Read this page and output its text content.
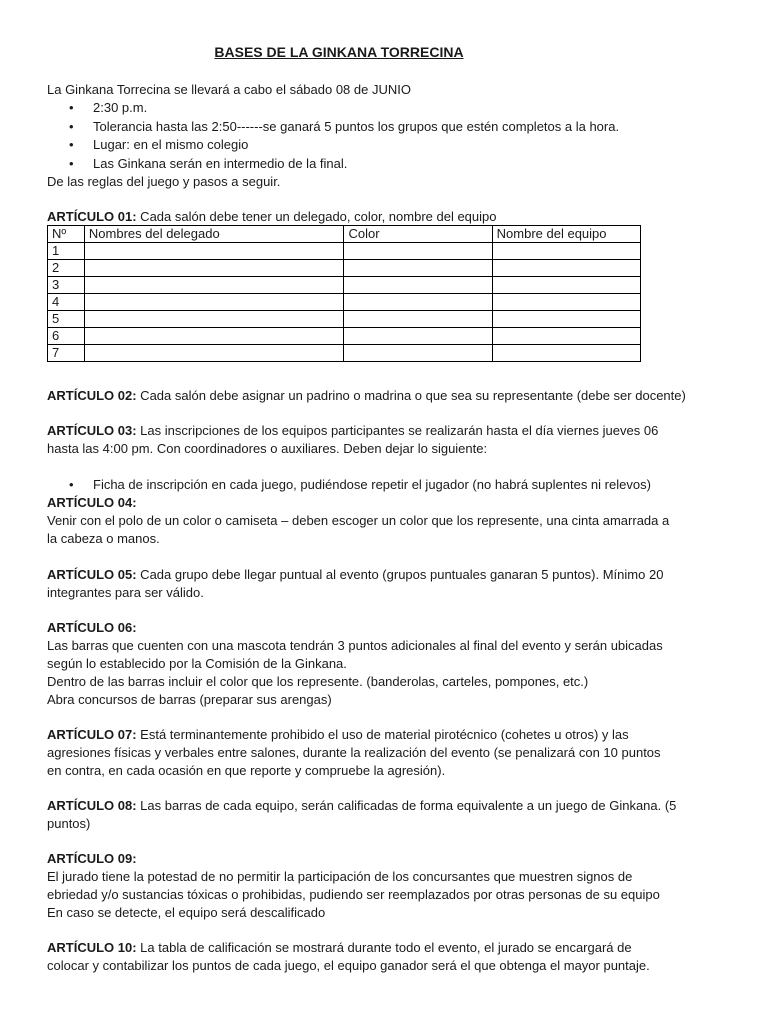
BASES DE LA GINKANA TORRECINA
La Ginkana Torrecina se llevará a cabo el sábado 08 de JUNIO
• 2:30 p.m.
• Tolerancia hasta las 2:50------se ganará 5 puntos los grupos que estén completos a la hora.
• Lugar: en el mismo colegio
• Las Ginkana serán en intermedio de la final.
De las reglas del juego y pasos a seguir.
ARTÍCULO 01: Cada salón debe tener un delegado, color, nombre del equipo
Nº	Nombres del delegado	Color	Nombre del equipo
1			
2			
3			
4			
5			
6			
7			
ARTÍCULO 02: Cada salón debe asignar un padrino o madrina o que sea su representante (debe ser docente)
ARTÍCULO 03: Las inscripciones de los equipos participantes se realizarán hasta el día viernes jueves 06
hasta las 4:00 pm. Con coordinadores o auxiliares. Deben dejar lo siguiente:
• Ficha de inscripción en cada juego, pudiéndose repetir el jugador (no habrá suplentes ni relevos)
ARTÍCULO 04:
Venir con el polo de un color o camiseta – deben escoger un color que los represente, una cinta amarrada a
la cabeza o manos.
ARTÍCULO 05: Cada grupo debe llegar puntual al evento (grupos puntuales ganaran 5 puntos). Mínimo 20
integrantes para ser válido.
ARTÍCULO 06:
Las barras que cuenten con una mascota tendrán 3 puntos adicionales al final del evento y serán ubicadas
según lo establecido por la Comisión de la Ginkana.
Dentro de las barras incluir el color que los represente. (banderolas, carteles, pompones, etc.)
Abra concursos de barras (preparar sus arengas)
ARTÍCULO 07: Está terminantemente prohibido el uso de material pirotécnico (cohetes u otros) y las
agresiones físicas y verbales entre salones, durante la realización del evento (se penalizará con 10 puntos
en contra, en cada ocasión en que reporte y compruebe la agresión).
ARTÍCULO 08: Las barras de cada equipo, serán calificadas de forma equivalente a un juego de Ginkana. (5
puntos)
ARTÍCULO 09:
El jurado tiene la potestad de no permitir la participación de los concursantes que muestren signos de
ebriedad y/o sustancias tóxicas o prohibidas, pudiendo ser reemplazados por otras personas de su equipo
En caso se detecte, el equipo será descalificado
ARTÍCULO 10: La tabla de calificación se mostrará durante todo el evento, el jurado se encargará de
colocar y contabilizar los puntos de cada juego, el equipo ganador será el que obtenga el mayor puntaje.
